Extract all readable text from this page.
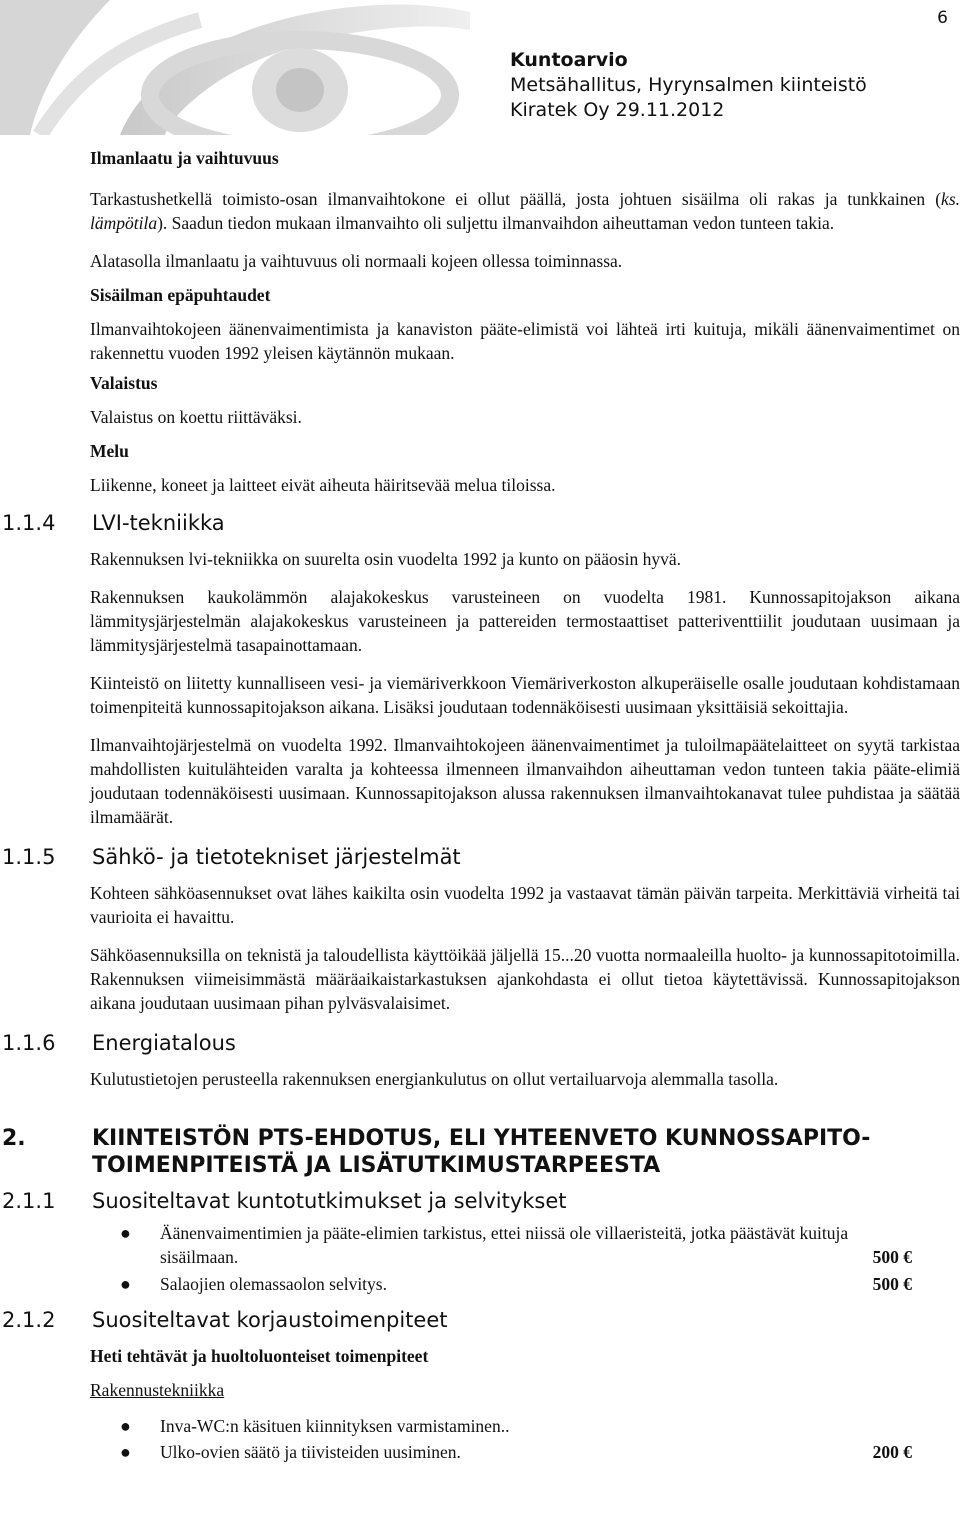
6
Kuntoarvio
Metsähallitus, Hyrynsalmen kiinteistö
Kiratek Oy 29.11.2012
Ilmanlaatu ja vaihtuvuus

Tarkastushetkellä toimisto-osan ilmanvaihtokone ei ollut päällä, josta johtuen sisäilma oli rakas ja tunkkainen (ks. lämpötila). Saadun tiedon mukaan ilmanvaihto oli suljettu ilmanvaihdon aiheuttaman vedon tunteen takia.

Alatasolla ilmanlaatu ja vaihtuvuus oli normaali kojeen ollessa toiminnassa.

Sisäilman epäpuhtaudet

Ilmanvaihtokojeen äänenvaimentimista ja kanaviston pääte-elimistä voi lähteä irti kuituja, mikäli äänenvaimentimet on rakennettu vuoden 1992 yleisen käytännön mukaan.

Valaistus

Valaistus on koettu riittäväksi.

Melu

Liikenne, koneet ja laitteet eivät aiheuta häiritsevää melua tiloissa.

1.1.4	LVI-tekniikka

Rakennuksen lvi-tekniikka on suurelta osin vuodelta 1992 ja kunto on pääosin hyvä.

Rakennuksen kaukolämmön alajakokeskus varusteineen on vuodelta 1981. Kunnossapitojakson aikana lämmitysjärjestelmän alajakokeskus varusteineen ja pattereiden termostaattiset patteriventtiilit joudutaan uusimaan ja lämmitysjärjestelmä tasapainottamaan.

Kiinteistö on liitetty kunnalliseen vesi- ja viemäriverkkoon Viemäriverkoston alkuperäiselle osalle joudutaan kohdistamaan toimenpiteitä kunnossapitojakson aikana. Lisäksi joudutaan todennäköisesti uusimaan yksittäisiä sekoittajia.

Ilmanvaihtojärjestelmä on vuodelta 1992. Ilmanvaihtokojeen äänenvaimentimet ja tuloilmapäätelaitteet on syytä tarkistaa mahdollisten kuitulähteiden varalta ja kohteessa ilmenneen ilmanvaihdon aiheuttaman vedon tunteen takia pääte-elimiä joudutaan todennäköisesti uusimaan. Kunnossapitojakson alussa rakennuksen ilmanvaihtokanavat tulee puhdistaa ja säätää ilmamäärät.

1.1.5	Sähkö- ja tietotekniset järjestelmät

Kohteen sähköasennukset ovat lähes kaikilta osin vuodelta 1992 ja vastaavat tämän päivän tarpeita. Merkittäviä virheitä tai vaurioita ei havaittu.

Sähköasennuksilla on teknistä ja taloudellista käyttöikää jäljellä 15...20 vuotta normaaleilla huolto- ja kunnossapitotoimilla. Rakennuksen viimeisimmästä määräaikaistarkastuksen ajankohdasta ei ollut tietoa käytettävissä. Kunnossapitojakson aikana joudutaan uusimaan pihan pylväsvalaisimet.

1.1.6	Energiatalous

Kulutustietojen perusteella rakennuksen energiankulutus on ollut vertailuarvoja alemmalla tasolla.

2.	KIINTEISTÖN PTS-EHDOTUS, ELI YHTEENVETO KUNNOSSAPITO-
TOIMENPITEISTÄ JA LISÄTUTKIMUSTARPEESTA
2.1.1	Suositeltavat kuntotutkimukset ja selvitykset
● Äänenvaimentimien ja pääte-elimien tarkistus, ettei niissä ole villaeristeitä, jotka päästävät kuituja sisäilmaan.	500 €
● Salaojien olemassaolon selvitys.	500 €
2.1.2	Suositeltavat korjaustoimenpiteet
Heti tehtävät ja huoltoluonteiset toimenpiteet
Rakennustekniikka
● Inva-WC:n käsituen kiinnityksen varmistaminen..
● Ulko-ovien säätö ja tiivisteiden uusiminen.	200 €
